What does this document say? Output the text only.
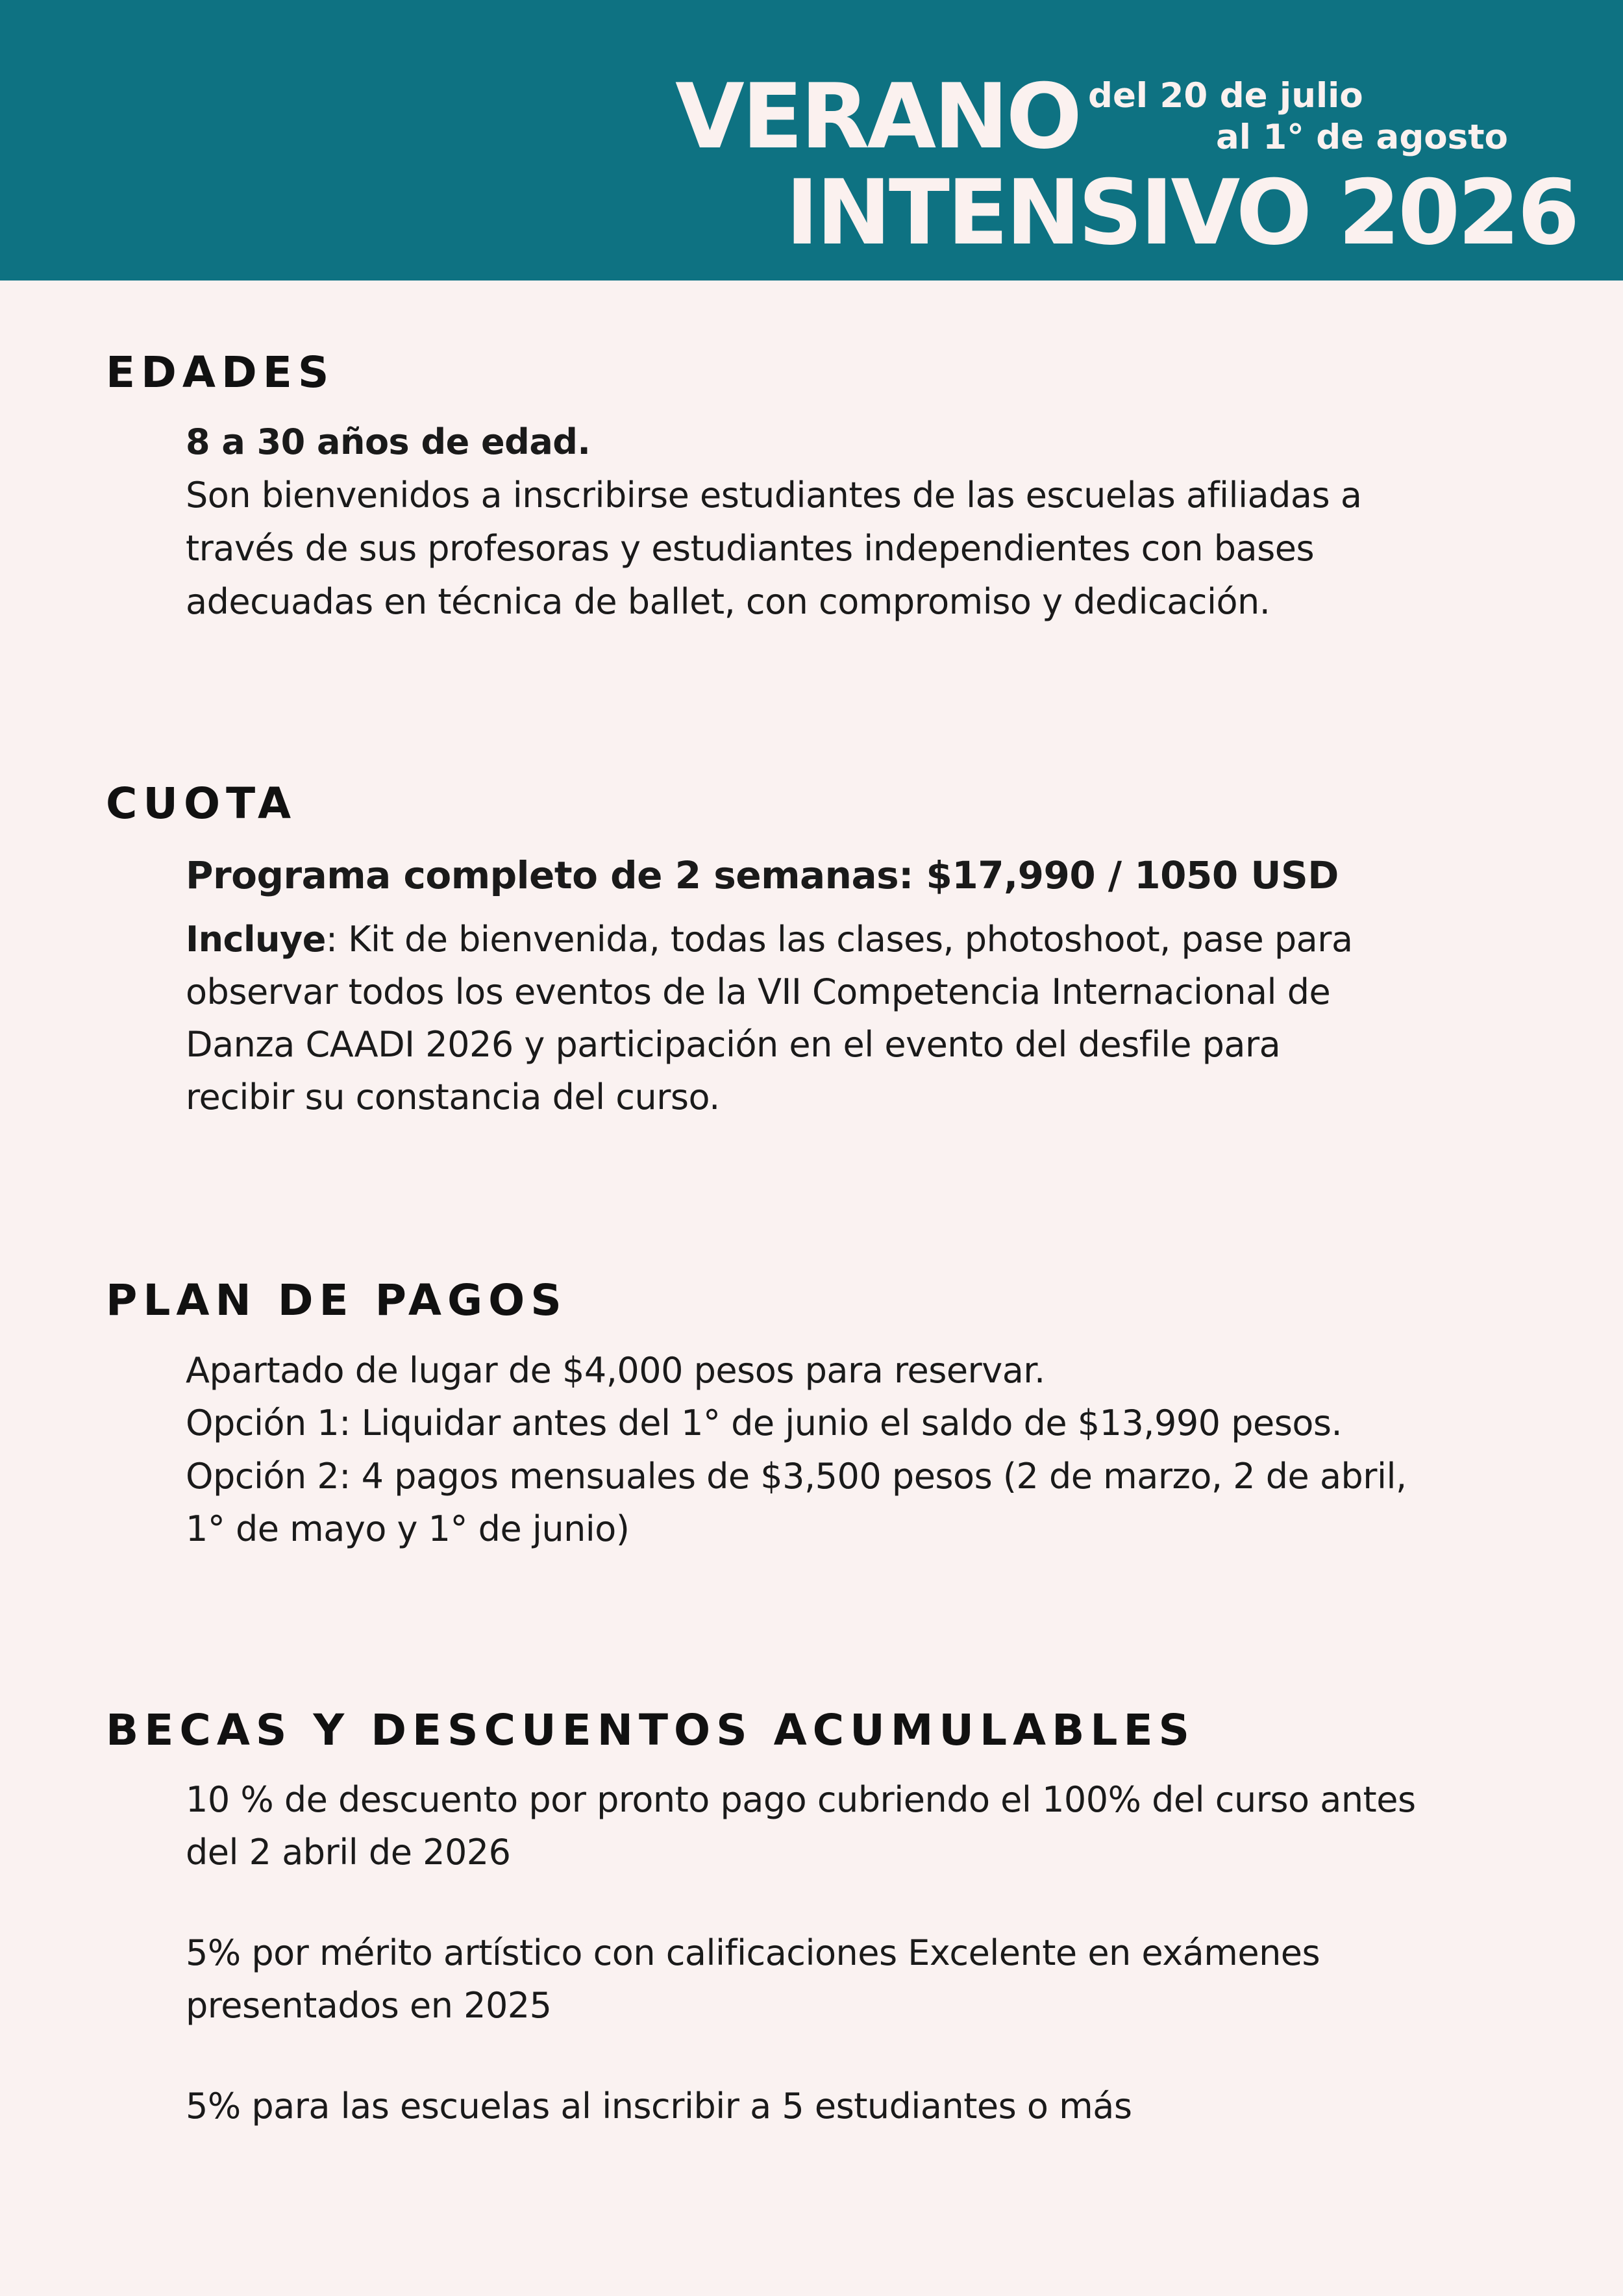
VERANO del 20 de julio
al 1° de agosto
INTENSIVO 2026
EDADES
8 a 30 años de edad.
Son bienvenidos a inscribirse estudiantes de las escuelas afiliadas a
través de sus profesoras y estudiantes independientes con bases
adecuadas en técnica de ballet, con compromiso y dedicación.
CUOTA
Programa completo de 2 semanas: $17,990 / 1050 USD
Incluye: Kit de bienvenida, todas las clases, photoshoot, pase para
observar todos los eventos de la VII Competencia Internacional de
Danza CAADI 2026 y participación en el evento del desfile para
recibir su constancia del curso.
PLAN DE PAGOS
Apartado de lugar de $4,000 pesos para reservar.
Opción 1: Liquidar antes del 1° de junio el saldo de $13,990 pesos.
Opción 2: 4 pagos mensuales de $3,500 pesos (2 de marzo, 2 de abril,
1° de mayo y 1° de junio)
BECAS Y DESCUENTOS ACUMULABLES
10 % de descuento por pronto pago cubriendo el 100% del curso antes
del 2 abril de 2026
5% por mérito artístico con calificaciones Excelente en exámenes
presentados en 2025
5% para las escuelas al inscribir a 5 estudiantes o más
